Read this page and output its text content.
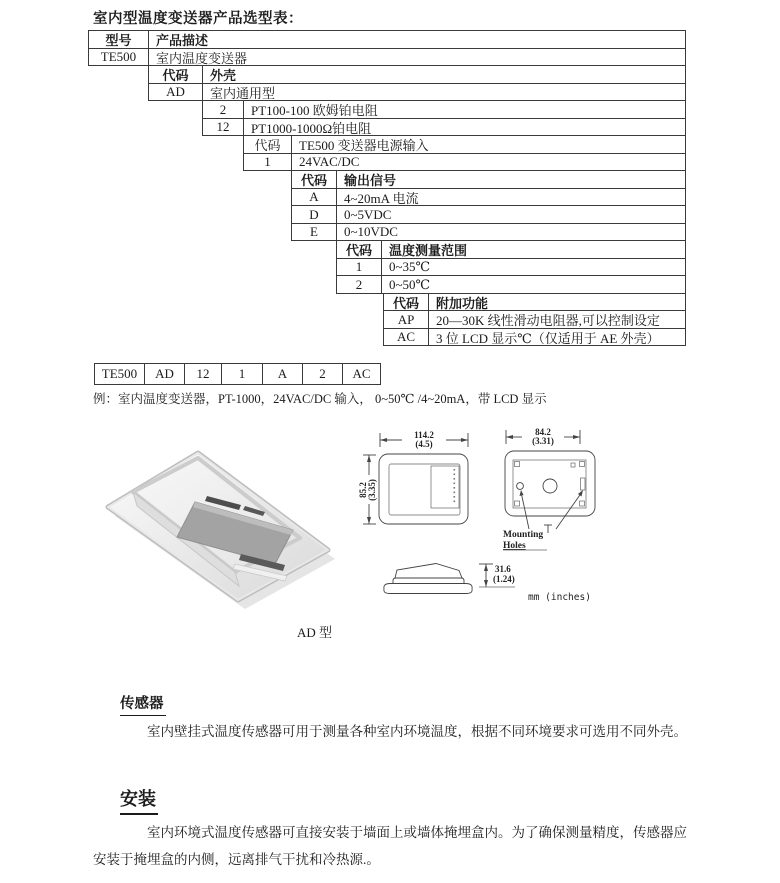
室内型温度变送器产品选型表：
型号	产品描述
TE500	室内温度变送器
代码	外壳
AD	室内通用型
2	PT100-100 欧姆铂电阻
12	PT1000-1000Ω铂电阻
代码	TE500 变送器电源输入
1	24VAC/DC
代码	输出信号
A	4~20mA 电流
D	0~5VDC
E	0~10VDC
代码	温度测量范围
1	0~35℃
2	0~50℃
代码	附加功能
AP	20—30K 线性滑动电阻器,可以控制设定
AC	3 位 LCD 显示℃（仅适用于 AE 外壳）
TE500	AD	12	1	A	2	AC
例：室内温度变送器，PT-1000，24VAC/DC 输入， 0~50℃ /4~20mA，带 LCD 显示
114.2
(4.5)
85.2 (3.35)
84.2
(3.31)
Mounting
Holes
31.6
(1.24)
mm (inches)
AD 型
传感器
室内壁挂式温度传感器可用于测量各种室内环境温度，根据不同环境要求可选用不同外壳。
安装
室内环境式温度传感器可直接安装于墙面上或墙体掩埋盒内。为了确保测量精度，传感器应安装于掩埋盒的内侧，远离排气干扰和冷热源.。
